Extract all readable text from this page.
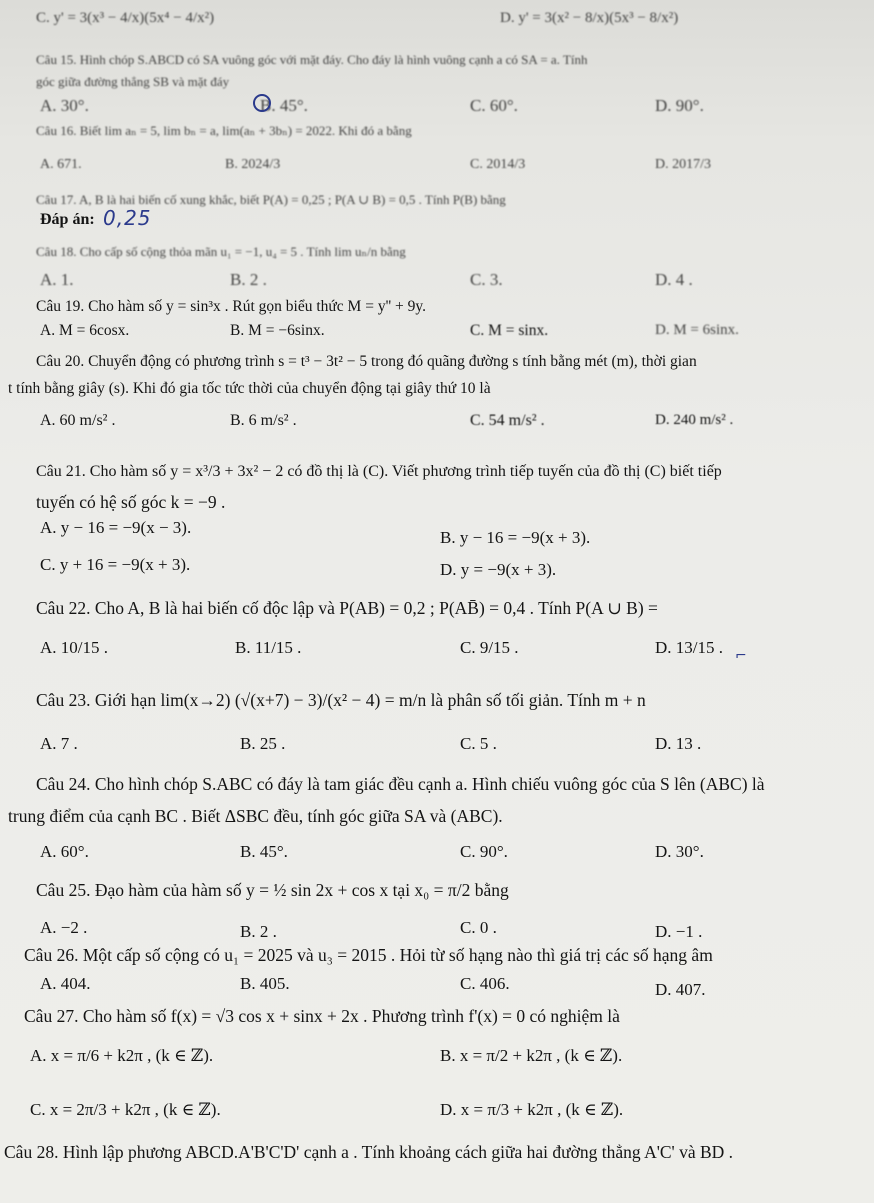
C. y' = 3(x³ − 4/x)(5x⁴ − 4/x²)	D. y' = 3(x² − 8/x)(5x³ − 8/x²)
Câu 15. Hình chóp S.ABCD có SA vuông góc với mặt đáy. Cho đáy là hình vuông cạnh a có SA = a. Tính
góc giữa đường thẳng SB và mặt đáy
A. 30°.	B. 45°.	C. 60°.	D. 90°.
Câu 16. Biết lim aₙ = 5, lim bₙ = a, lim(aₙ + 3bₙ) = 2022. Khi đó a bằng
A. 671.	B. 2024/3	C. 2014/3	D. 2017/3
Câu 17. A, B là hai biến cố xung khắc, biết P(A) = 0,25 ; P(A ∪ B) = 0,5 . Tính P(B) bằng
Đáp án: 0,25
Câu 18. Cho cấp số cộng thỏa mãn u₁ = −1, u₄ = 5 . Tính lim uₙ/n bằng
A. 1.	B. 2 .	C. 3.	D. 4 .
Câu 19. Cho hàm số y = sin³x . Rút gọn biểu thức M = y'' + 9y.
A. M = 6cosx.	B. M = −6sinx.	C. M = sinx.	D. M = 6sinx.
Câu 20. Chuyển động có phương trình s = t³ − 3t² − 5 trong đó quãng đường s tính bằng mét (m), thời gian
t tính bằng giây (s). Khi đó gia tốc tức thời của chuyển động tại giây thứ 10 là
A. 60 m/s² .	B. 6 m/s² .	C. 54 m/s² .	D. 240 m/s² .
Câu 21. Cho hàm số y = x³/3 + 3x² − 2 có đồ thị là (C). Viết phương trình tiếp tuyến của đồ thị (C) biết tiếp
tuyến có hệ số góc k = −9 .
A. y − 16 = −9(x − 3).
B. y − 16 = −9(x + 3).
C. y + 16 = −9(x + 3).	D. y = −9(x + 3).
Câu 22. Cho A, B là hai biến cố độc lập và P(AB) = 0,2 ; P(AB̄) = 0,4 . Tính P(A ∪ B) =
A. 10/15 .	B. 11/15 .	C. 9/15 .	D. 13/15 . ⌐
Câu 23. Giới hạn lim(x→2) (√(x+7) − 3)/(x² − 4) = m/n là phân số tối giản. Tính m + n
A. 7 .	B. 25 .	C. 5 .	D. 13 .
Câu 24. Cho hình chóp S.ABC có đáy là tam giác đều cạnh a. Hình chiếu vuông góc của S lên (ABC) là
trung điểm của cạnh BC . Biết ΔSBC đều, tính góc giữa SA và (ABC).
A. 60°.	B. 45°.	C. 90°.	D. 30°.
Câu 25. Đạo hàm của hàm số y = ½ sin 2x + cos x tại x₀ = π/2 bằng
A. −2 .	B. 2 .	C. 0 .	D. −1 .
Câu 26. Một cấp số cộng có u₁ = 2025 và u₃ = 2015 . Hỏi từ số hạng nào thì giá trị các số hạng âm
A. 404.	B. 405.	C. 406.	D. 407.
Câu 27. Cho hàm số f(x) = √3 cos x + sinx + 2x . Phương trình f'(x) = 0 có nghiệm là
A. x = π/6 + k2π , (k ∈ ℤ).	B. x = π/2 + k2π , (k ∈ ℤ).
C. x = 2π/3 + k2π , (k ∈ ℤ).	D. x = π/3 + k2π , (k ∈ ℤ).
Câu 28. Hình lập phương ABCD.A'B'C'D' cạnh a . Tính khoảng cách giữa hai đường thẳng A'C' và BD .
